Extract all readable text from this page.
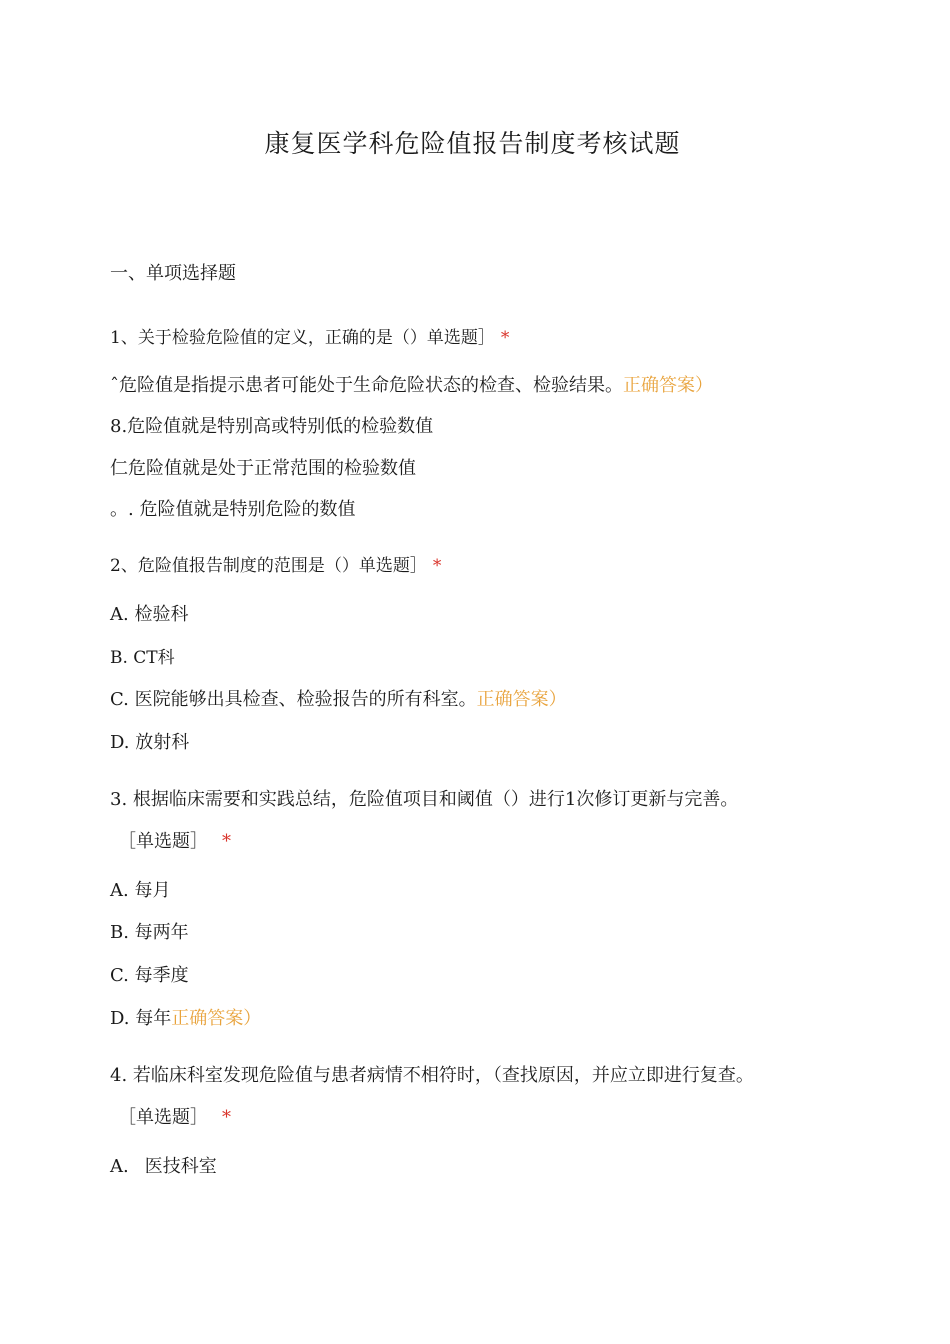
康复医学科危险值报告制度考核试题
一、单项选择题
1、关于检验危险值的定义，正确的是（）单选题］ *
ˆ危险值是指提示患者可能处于生命危险状态的检查、检验结果。正确答案）
8.危险值就是特别高或特别低的检验数值
仁危险值就是处于正常范围的检验数值
。. 危险值就是特别危险的数值
2、危险值报告制度的范围是（）单选题］ *
A. 检验科
B. CT科
C. 医院能够出具检查、检验报告的所有科室。正确答案）
D. 放射科
3. 根据临床需要和实践总结，危险值项目和阈值（）进行1次修订更新与完善。
［单选题］ *
A. 每月
B. 每两年
C. 每季度
D. 每年正确答案）
4. 若临床科室发现危险值与患者病情不相符时，（查找原因，并应立即进行复查。
［单选题］ *
A. 医技科室
